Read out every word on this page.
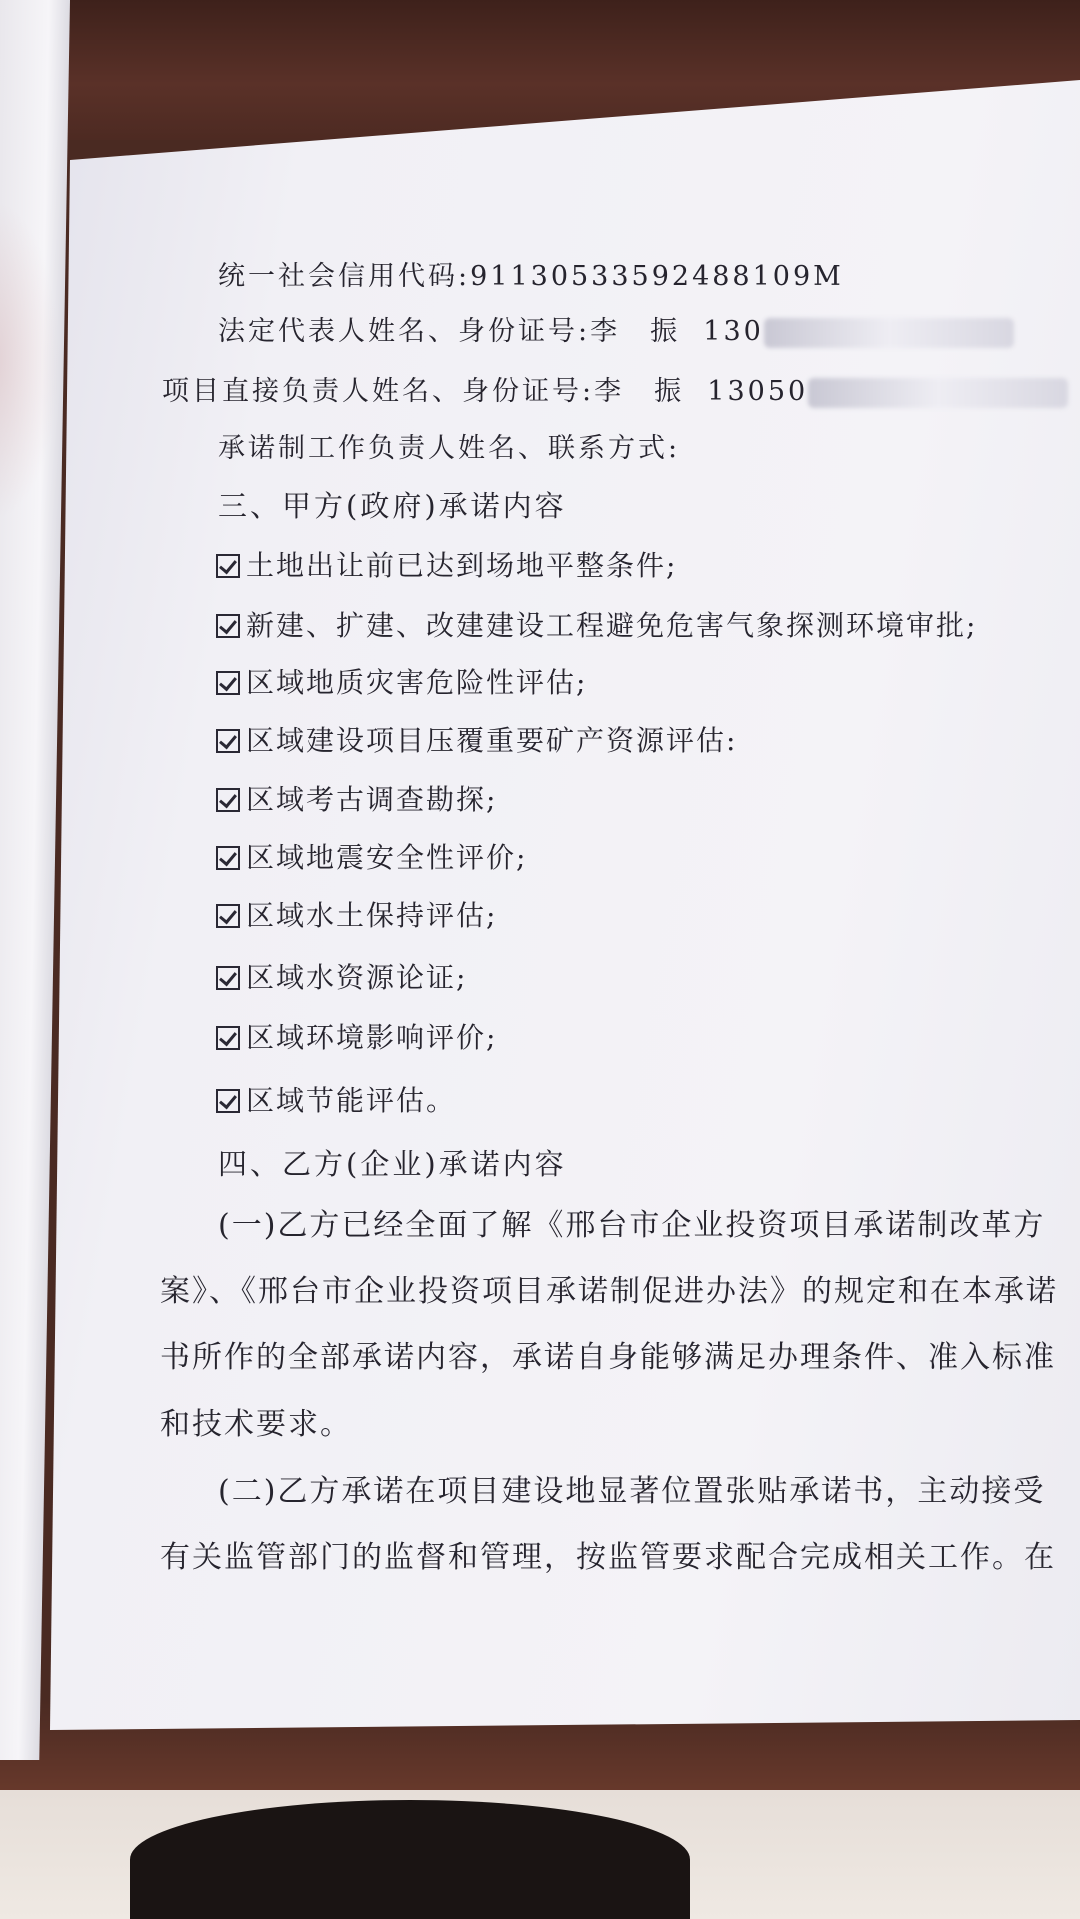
统一社会信用代码:91130533592488109M
法定代表人姓名、身份证号:李　振 130
项目直接负责人姓名、身份证号:李　振 13050
承诺制工作负责人姓名、联系方式:
三、甲方(政府)承诺内容
土地出让前已达到场地平整条件;
新建、扩建、改建建设工程避免危害气象探测环境审批;
区域地质灾害危险性评估;
区域建设项目压覆重要矿产资源评估:
区域考古调查勘探;
区域地震安全性评价;
区域水土保持评估;
区域水资源论证;
区域环境影响评价;
区域节能评估。
四、乙方(企业)承诺内容
(一)乙方已经全面了解《邢台市企业投资项目承诺制改革方
案》、《邢台市企业投资项目承诺制促进办法》的规定和在本承诺
书所作的全部承诺内容，承诺自身能够满足办理条件、准入标准
和技术要求。
(二)乙方承诺在项目建设地显著位置张贴承诺书，主动接受
有关监管部门的监督和管理，按监管要求配合完成相关工作。在
